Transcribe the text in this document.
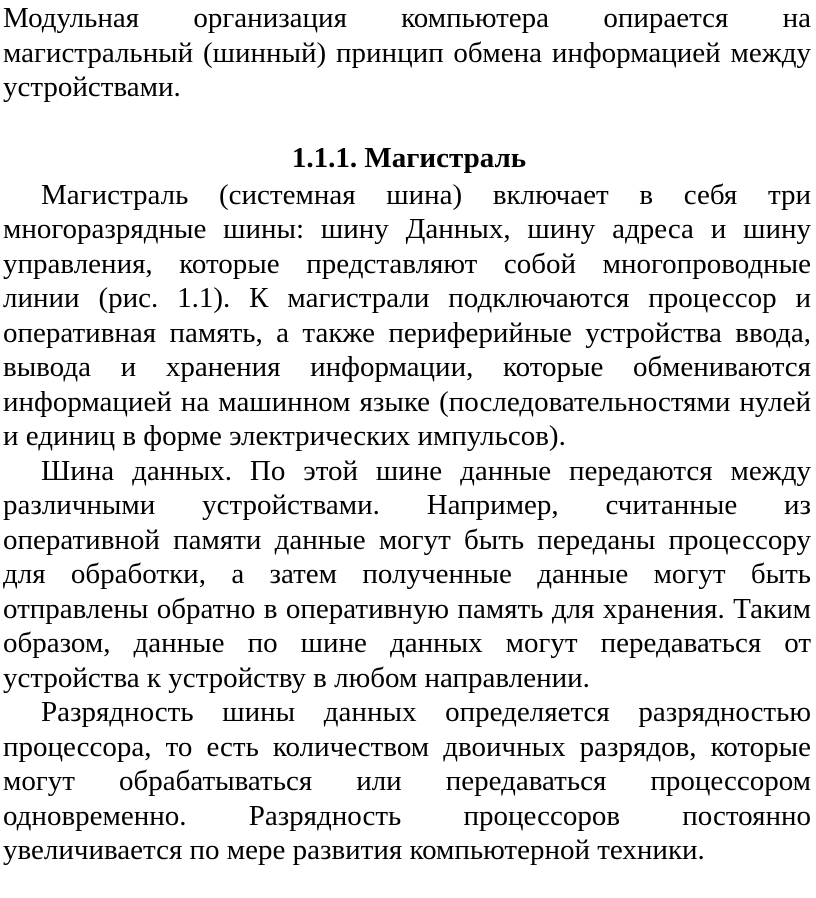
Модульная организация компьютера опирается на магистральный (шинный) принцип обмена информацией между устройствами.

1.1.1. Магистраль

Магистраль (системная шина) включает в себя три многоразрядные шины: шину Данных, шину адреса и шину управления, которые представляют собой многопроводные линии (рис. 1.1). К магистрали подключаются процессор и оперативная память, а также периферийные устройства ввода, вывода и хранения информации, которые обмениваются информацией на машинном языке (последовательностями нулей и единиц в форме электрических импульсов).

Шина данных. По этой шине данные передаются между различными устройствами. Например, считанные из оперативной памяти данные могут быть переданы процессору для обработки, а затем полученные данные могут быть отправлены обратно в оперативную память для хранения. Таким образом, данные по шине данных могут передаваться от устройства к устройству в любом направлении.

Разрядность шины данных определяется разрядностью процессора, то есть количеством двоичных разрядов, которые могут обрабатываться или передаваться процессором одновременно. Разрядность процессоров постоянно увеличивается по мере развития компьютерной техники.
